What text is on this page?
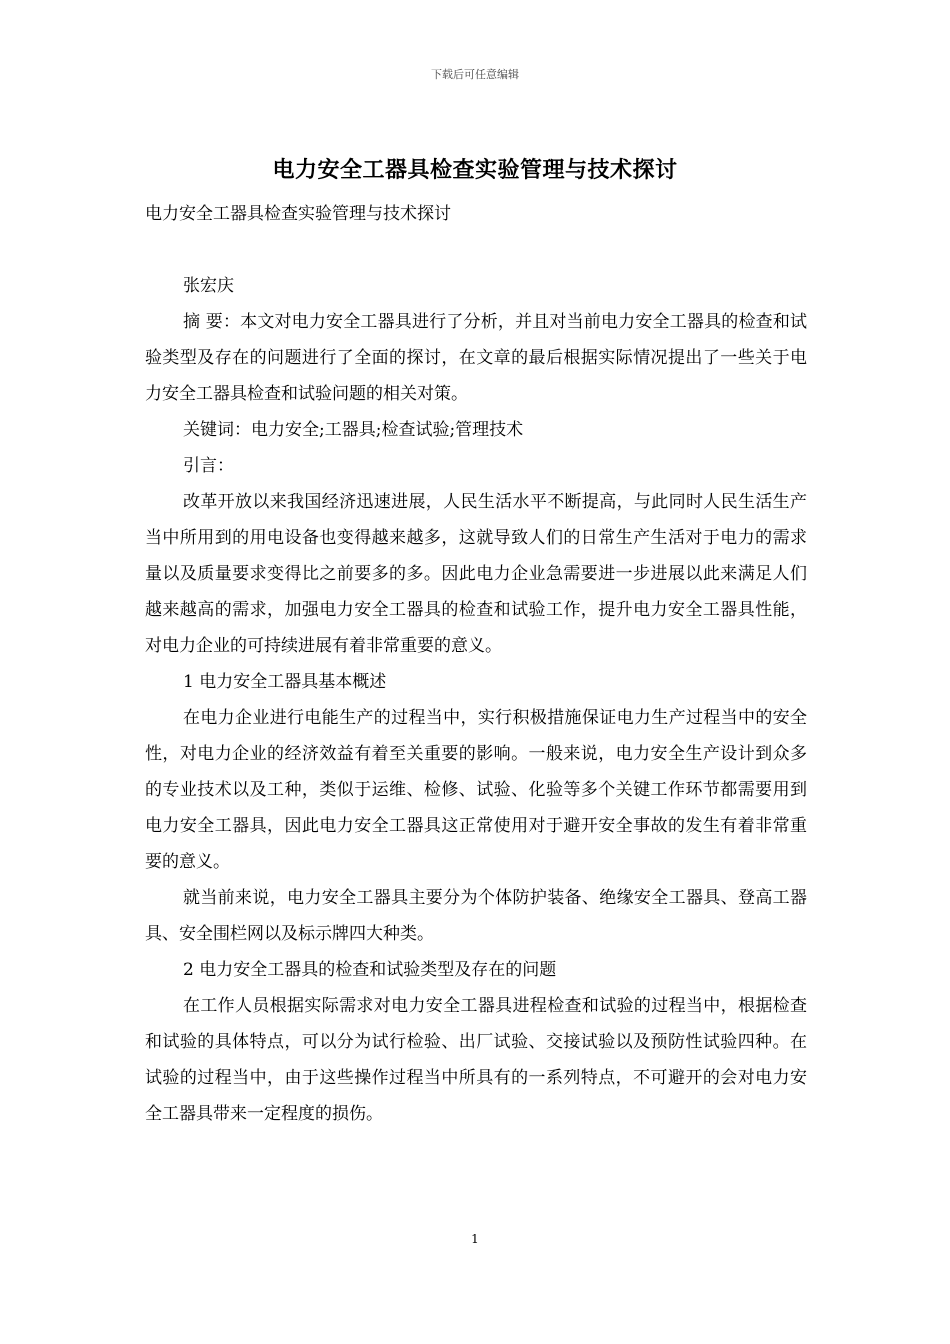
下载后可任意编辑
电力安全工器具检查实验管理与技术探讨

电力安全工器具检查实验管理与技术探讨

张宏庆

摘 要：本文对电力安全工器具进行了分析，并且对当前电力安全工器具的检查和试验类型及存在的问题进行了全面的探讨，在文章的最后根据实际情况提出了一些关于电力安全工器具检查和试验问题的相关对策。

关键词：电力安全;工器具;检查试验;管理技术

引言：

改革开放以来我国经济迅速进展，人民生活水平不断提高，与此同时人民生活生产当中所用到的用电设备也变得越来越多，这就导致人们的日常生产生活对于电力的需求量以及质量要求变得比之前要多的多。因此电力企业急需要进一步进展以此来满足人们越来越高的需求，加强电力安全工器具的检查和试验工作，提升电力安全工器具性能，对电力企业的可持续进展有着非常重要的意义。

1 电力安全工器具基本概述

在电力企业进行电能生产的过程当中，实行积极措施保证电力生产过程当中的安全性，对电力企业的经济效益有着至关重要的影响。一般来说，电力安全生产设计到众多的专业技术以及工种，类似于运维、检修、试验、化验等多个关键工作环节都需要用到电力安全工器具，因此电力安全工器具这正常使用对于避开安全事故的发生有着非常重要的意义。

就当前来说，电力安全工器具主要分为个体防护装备、绝缘安全工器具、登高工器具、安全围栏网以及标示牌四大种类。

2 电力安全工器具的检查和试验类型及存在的问题

在工作人员根据实际需求对电力安全工器具进程检查和试验的过程当中，根据检查和试验的具体特点，可以分为试行检验、出厂试验、交接试验以及预防性试验四种。在试验的过程当中，由于这些操作过程当中所具有的一系列特点，不可避开的会对电力安全工器具带来一定程度的损伤。

1
